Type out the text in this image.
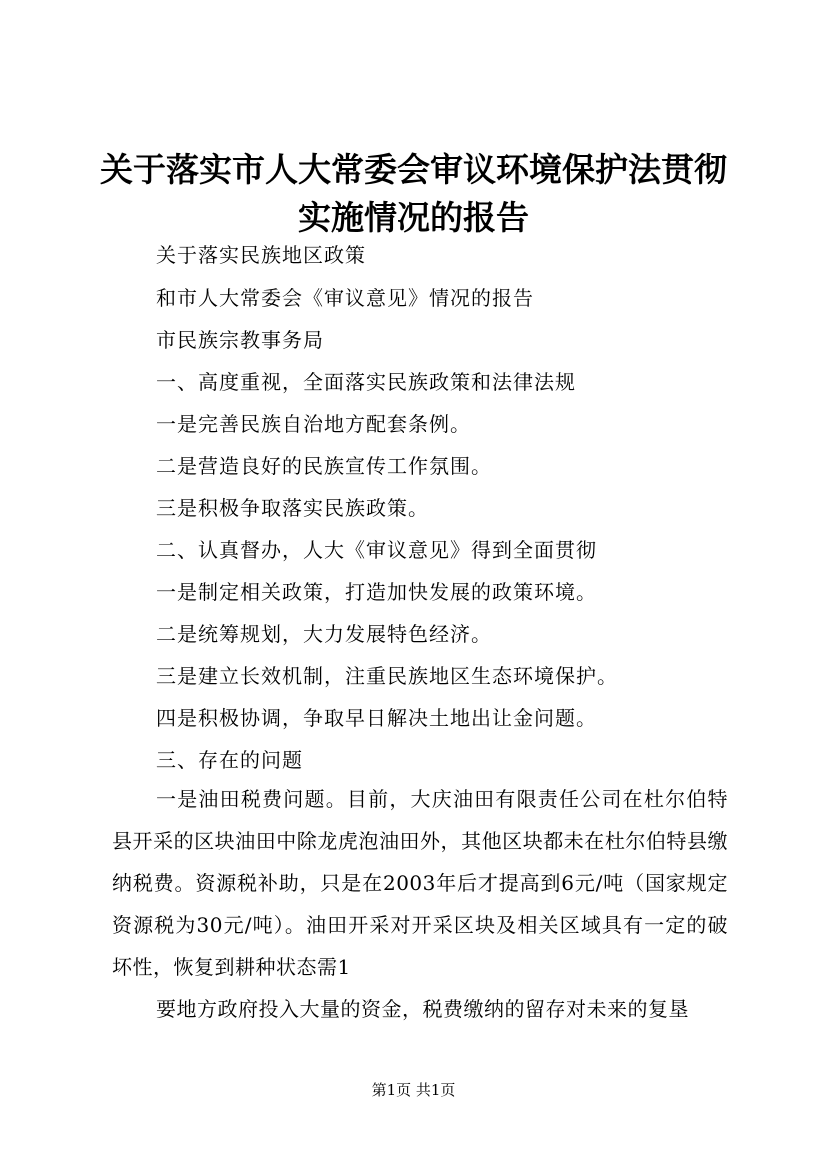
关于落实市人大常委会审议环境保护法贯彻实施情况的报告
关于落实民族地区政策
和市人大常委会《审议意见》情况的报告
市民族宗教事务局
一、高度重视，全面落实民族政策和法律法规
一是完善民族自治地方配套条例。
二是营造良好的民族宣传工作氛围。
三是积极争取落实民族政策。
二、认真督办，人大《审议意见》得到全面贯彻
一是制定相关政策，打造加快发展的政策环境。
二是统筹规划，大力发展特色经济。
三是建立长效机制，注重民族地区生态环境保护。
四是积极协调，争取早日解决土地出让金问题。
三、存在的问题

一是油田税费问题。目前，大庆油田有限责任公司在杜尔伯特县开采的区块油田中除龙虎泡油田外，其他区块都未在杜尔伯特县缴纳税费。资源税补助，只是在2003年后才提高到6元/吨（国家规定资源税为30元/吨）。油田开采对开采区块及相关区域具有一定的破坏性，恢复到耕种状态需1

要地方政府投入大量的资金，税费缴纳的留存对未来的复垦

第1页 共1页
